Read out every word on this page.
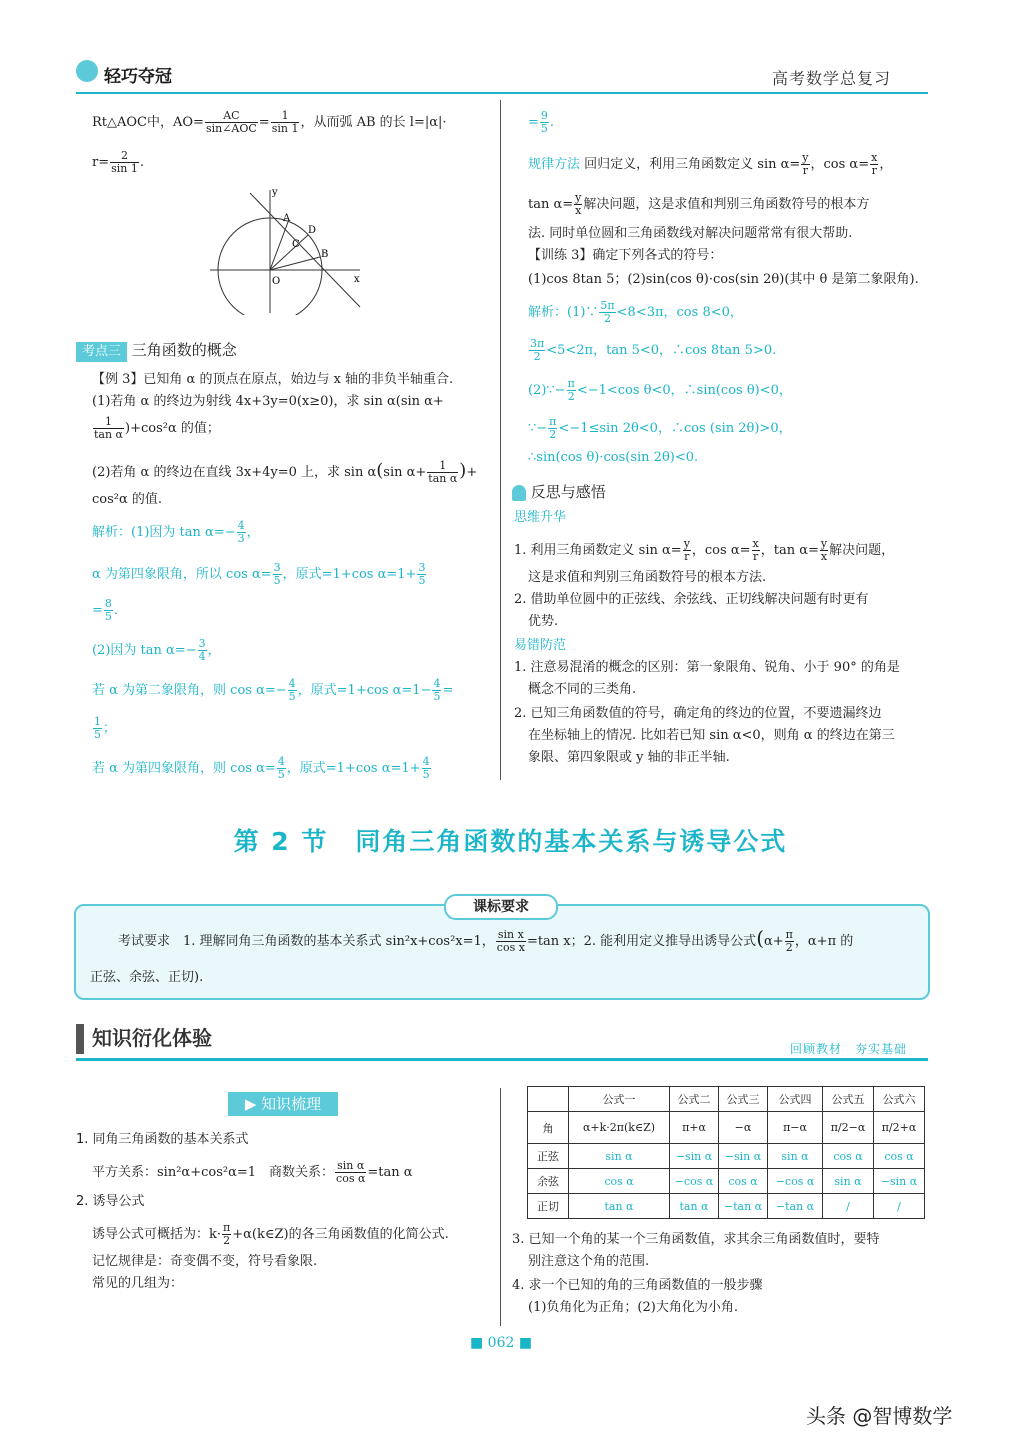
轻巧夺冠	高考数学总复习
Rt△AOC中，$AO= \frac{AC}{\text{sin∠AOC}} = \frac{1}{\sin 1}$ ，从而弧 AB 的长 l=|α|·
$r= \frac{2}{\sin 1}$ .
y
x
O
A
D
C
B
考点三 三角函数的概念
【例 3】已知角 α 的顶点在原点，始边与 x 轴的非负半轴重合.
(1)若角 α 的终边为射线 4x+3y=0(x≥0)，求 sin α(sin α+
$\frac{1}{\text{tan α}} )+\cos^2\alpha$ 的值；
(2)若角 α 的终边在直线 3x+4y=0 上，求 sin α(sin $\alpha+ \frac{1}{\text{tan α}}$ )+
cos²α 的值.
解析：(1)因为 $\tan \alpha=- \frac{4}{3}$ ，
α 为第四象限角，所以 $\cos \alpha= \frac{3}{5}$ ，原式=1+cos $\alpha=1+ \frac{3}{5}$
= $\frac{8}{5}$ .
(2)因为 $\tan \alpha=- \frac{3}{4}$ ，
若 α 为第二象限角，则 $\cos \alpha=- \frac{4}{5}$ ，原式=1+cos $\alpha=1- \frac{4}{5}$ =
$\frac{1}{5}$ ；
若 α 为第四象限角，则 $\cos \alpha= \frac{4}{5}$ ，原式=1+cos $\alpha=1+ \frac{4}{5}$
= $\frac{9}{5}$ .
规律方法 回归定义，利用三角函数定义 $\sin \alpha= \frac{y}{r}$ ，$\cos \alpha= \frac{x}{r}$ ，
$\tan \alpha= \frac{y}{x}$ 解决问题，这是求值和判别三角函数符号的根本方
法. 同时单位圆和三角函数线对解决问题常常有很大帮助.
【训练 3】确定下列各式的符号：
(1)cos 8tan 5；(2)sin(cos θ)·cos(sin 2θ)(其中 θ 是第二象限角).
解析：(1)∵ $\frac{5\pi}{2} <8<3\pi$，cos 8<0，
$\frac{3\pi}{2} <5<2\pi$，tan 5<0，∴cos 8tan 5>0.
(2)∵− $\frac{\pi}{2} <-1<\cos$ θ<0，∴sin(cos θ)<0，
∵− $\frac{\pi}{2} <-1\le\sin$ 2θ<0，∴cos (sin 2θ)>0，
∴sin(cos θ)·cos(sin 2θ)<0.
反思与感悟
思维升华
1. 利用三角函数定义 $\sin \alpha= \frac{y}{r}$ ，$\cos \alpha= \frac{x}{r}$ ，$\tan \alpha= \frac{y}{x}$ 解决问题，
这是求值和判别三角函数符号的根本方法.
2. 借助单位圆中的正弦线、余弦线、正切线解决问题有时更有
优势.
易错防范
1. 注意易混淆的概念的区别：第一象限角、锐角、小于 90° 的角是
概念不同的三类角.
2. 已知三角函数值的符号，确定角的终边的位置，不要遗漏终边
在坐标轴上的情况. 比如若已知 sin α<0，则角 α 的终边在第三
象限、第四象限或 y 轴的非正半轴.
第 2 节　同角三角函数的基本关系与诱导公式
课标要求
考试要求　1. 理解同角三角函数的基本关系式 sin²x+cos²x=1， $\frac{\text{sin x}}{\text{cos x}} =\tan$ x；2. 能利用定义推导出诱导公式($\alpha+ \frac{\pi}{2}$ ，α+π 的
正弦、余弦、正切).
知识衍化体验	回顾教材　夯实基础
▶ 知识梳理
1. 同角三角函数的基本关系式
平方关系：sin²α+cos²α=1　商数关系： $\frac{\text{sin α}}{\text{cos α}} =\tan$ α
2. 诱导公式
诱导公式可概括为：$k\cdot \frac{\pi}{2}$ +α(k∈Z)的各三角函数值的化简公式.
记忆规律是：奇变偶不变，符号看象限.
常见的几组为：
	公式一	公式二	公式三	公式四	公式五	公式六
角	α+k·2π(k∈Z)	π+α	−α	π−α	π/2−α	π/2+α
正弦	sin α	−sin α	−sin α	sin α	cos α	cos α
余弦	cos α	−cos α	cos α	−cos α	sin α	−sin α
正切	tan α	tan α	−tan α	−tan α	/	/
3. 已知一个角的某一个三角函数值，求其余三角函数值时，要特
别注意这个角的范围.
4. 求一个已知的角的三角函数值的一般步骤
(1)负角化为正角；(2)大角化为小角.
■ 062 ■
头条 @智博数学
